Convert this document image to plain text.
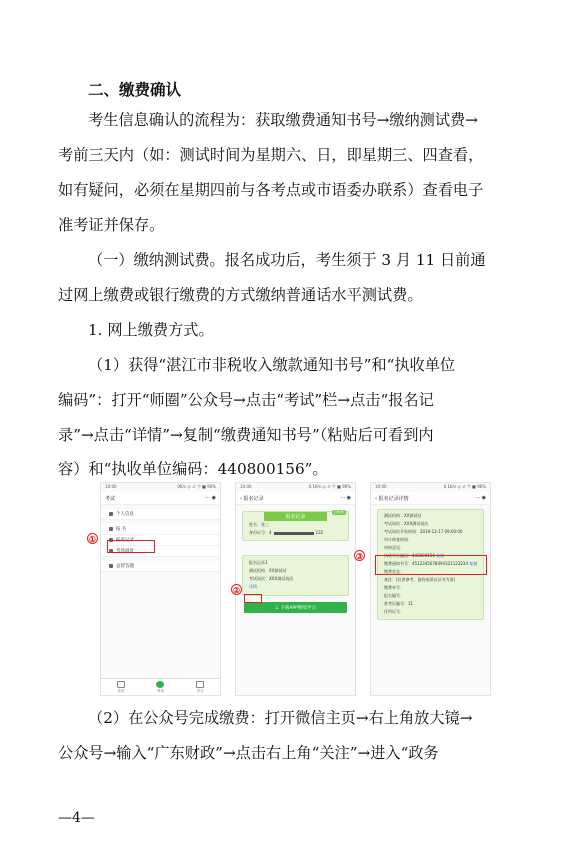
二、缴费确认
考生信息确认的流程为：获取缴费通知书号→缴纳测试费→
考前三天内（如：测试时间为星期六、日，即星期三、四查看，
如有疑问，必须在星期四前与各考点或市语委办联系）查看电子
准考证并保存。
（一）缴纳测试费。报名成功后，考生须于 3 月 11 日前通
过网上缴费或银行缴费的方式缴纳普通话水平测试费。
1. 网上缴费方式。
（1）获得“湛江市非税收入缴款通知书号”和“执收单位
编码”：打开“师圈”公众号→点击“考试”栏→点击“报名记
录”→点击“详情”→复制“缴费通知书号”（粘贴后可看到内
容）和“执收单位编码：440800156”。
10:00	0K/s ◎ .ıl 令 ■ 96%
考试	··· ◉
个人信息
报 名
报名记录
考场调度
益智答题
首页	考试	学习
①
10:00	0.1K/s ◎ .ıl 令 ■ 96%
‹ 报名记录	··· ◉
报名记录
已审核
姓名：张三
身份证号：4	232
报名记录1
测试机构：XX测试站
考试场次：XXX测试场次
详情
↓ 下载APP继续学习
②
10:00	0.1K/s ◎ .ıl 令 ■ 96%
‹ 报名记录详情	··· ◉
测试机构：XX测试站
考试场次：XXX测试场次
考试场次开始时间：2019-12-17 09:00:00
审计核查时间：
审核意见：
执收单位编码：440800156 复制
缴费通知书号：4512345678494321123234 复制
缴费状态：
备注：(仅供参考，最终成绩以证书为准)
缴费单号：
报名编号：
准考证编号：11
住所证号：
③
（2）在公众号完成缴费：打开微信主页→右上角放大镜→
公众号→输入“广东财政”→点击右上角“关注”→进入“政务
—4—
